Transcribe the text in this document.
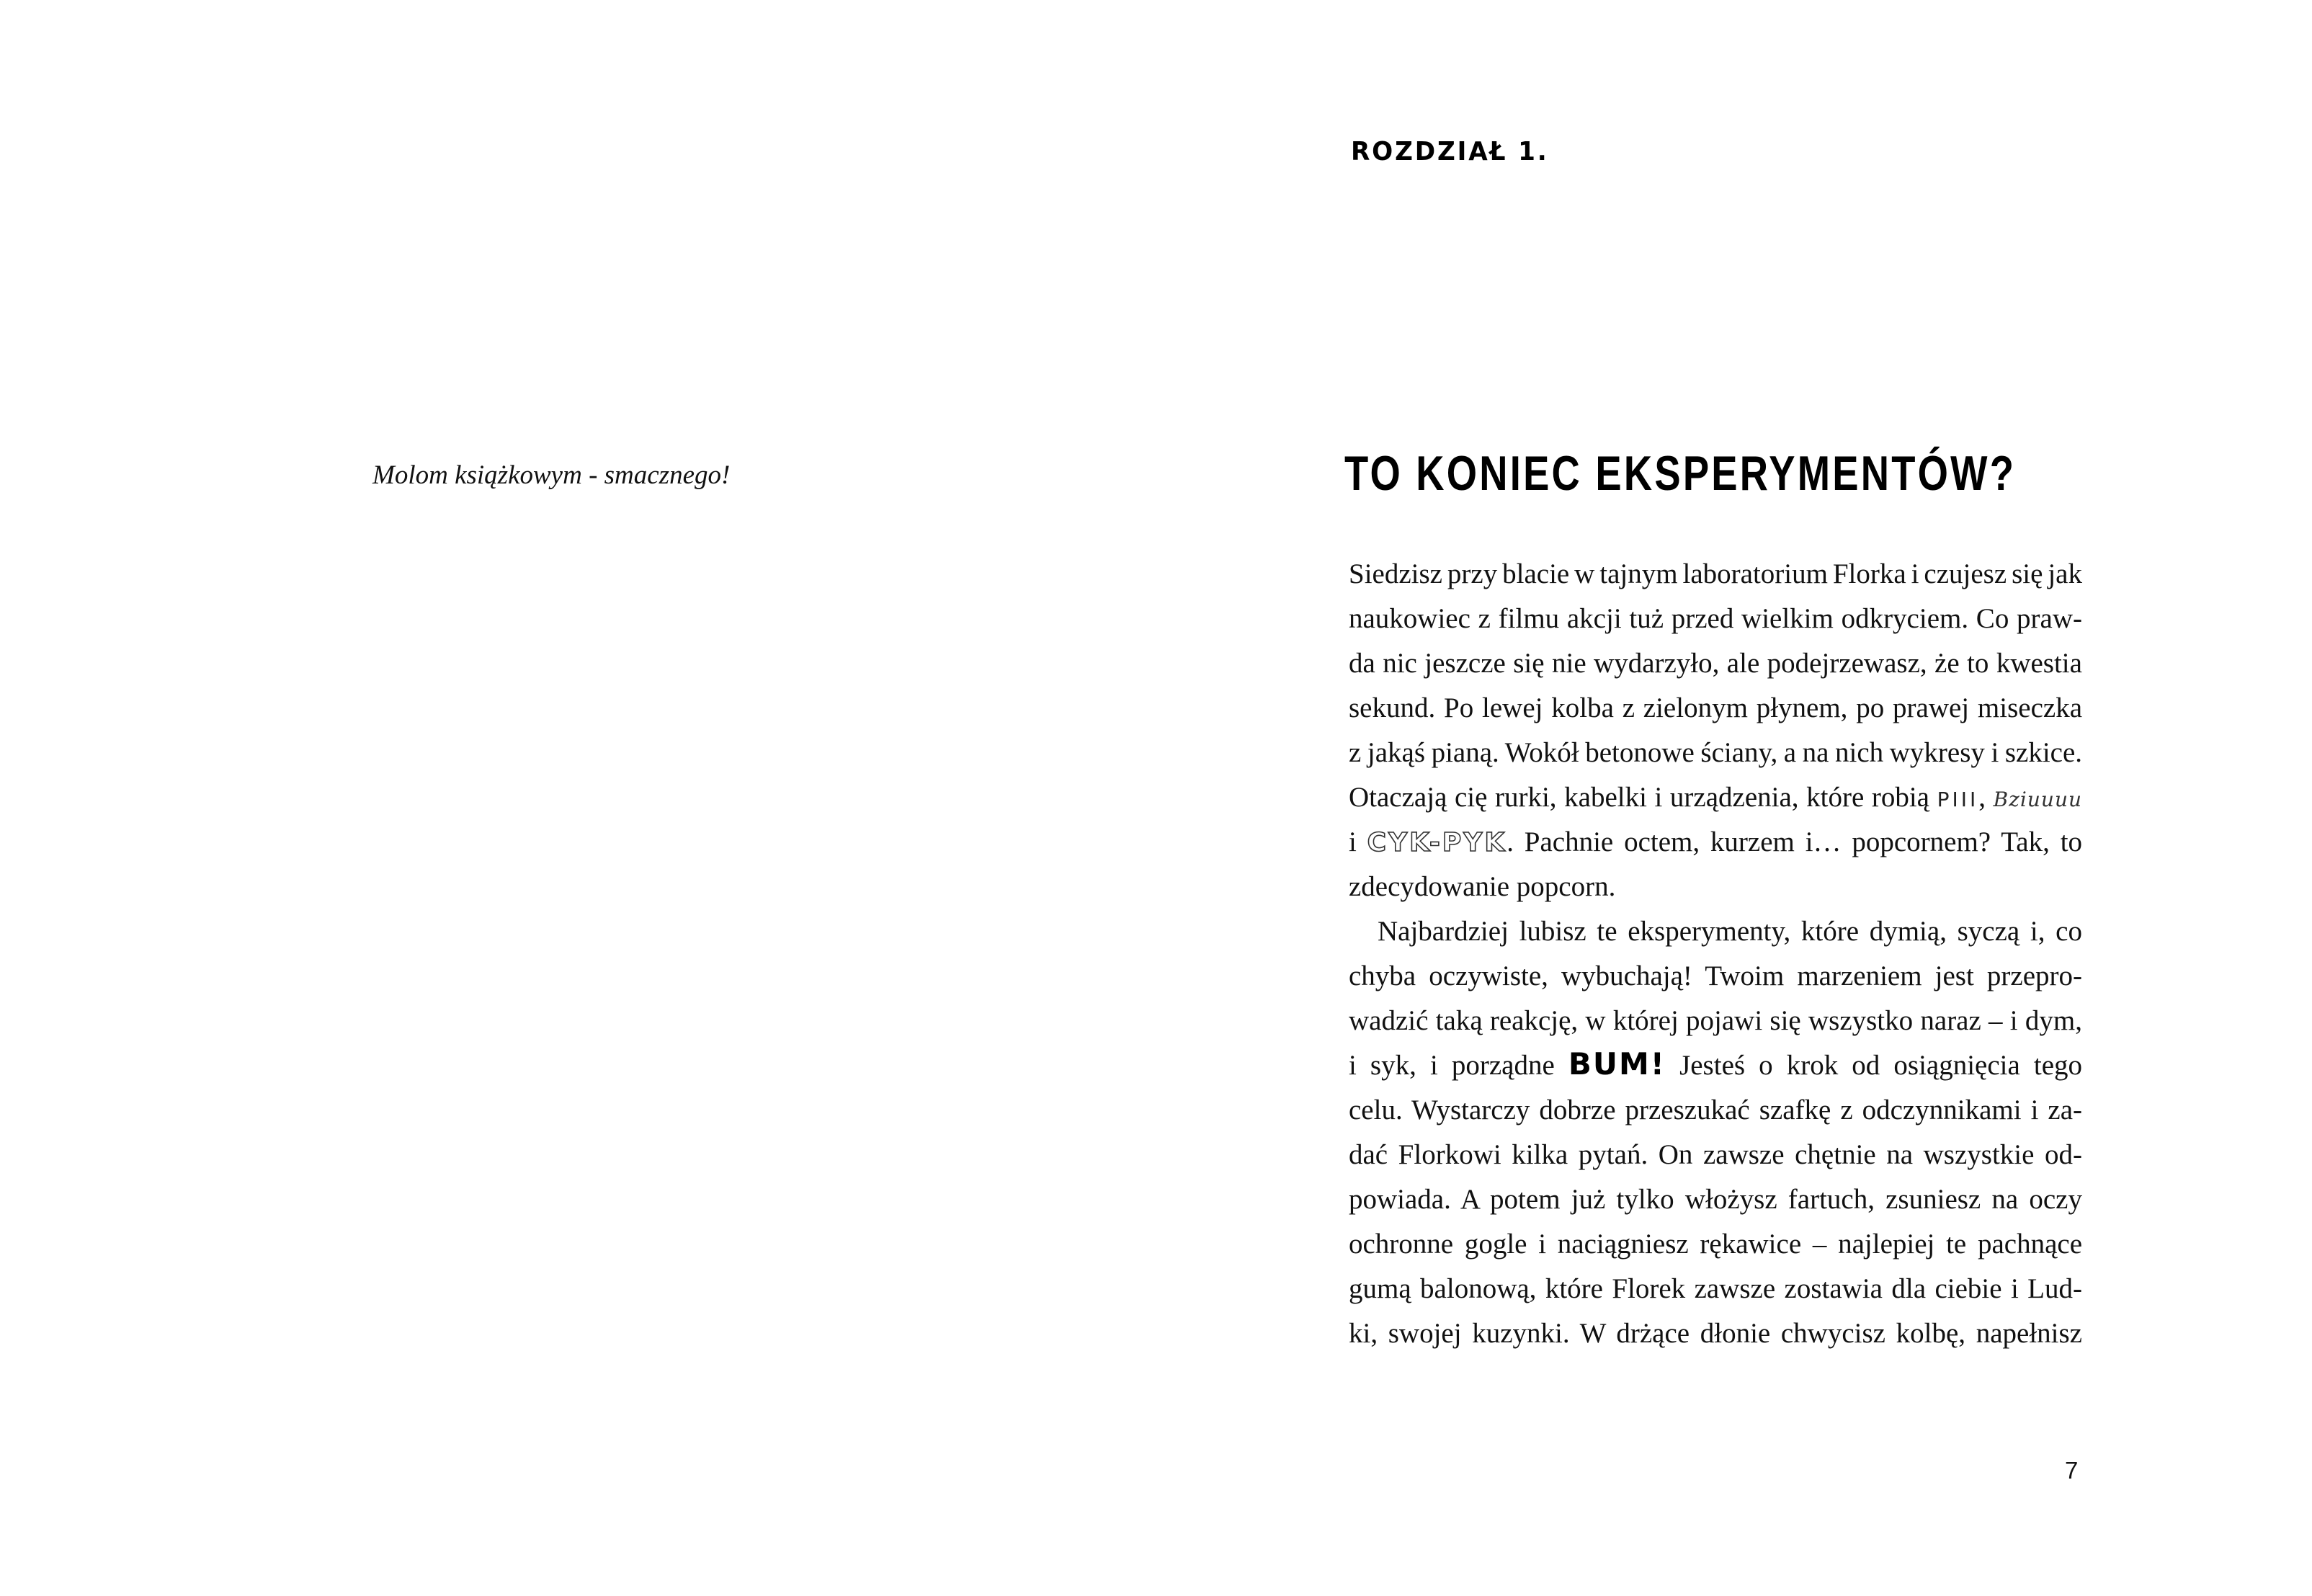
Molom książkowym - smacznego!
ROZDZIAŁ 1.
TO KONIEC EKSPERYMENTÓW?
Siedzisz przy blacie w tajnym laboratorium Florka i czujesz się jak
naukowiec z filmu akcji tuż przed wielkim odkryciem. Co praw-
da nic jeszcze się nie wydarzyło, ale podejrzewasz, że to kwestia
sekund. Po lewej kolba z zielonym płynem, po prawej miseczka
z jakąś pianą. Wokół betonowe ściany, a na nich wykresy i szkice.
Otaczają cię rurki, kabelki i urządzenia, które robią PIII, Bziuuuu
i CYK-PYK. Pachnie octem, kurzem i… popcornem? Tak, to
zdecydowanie popcorn.
Najbardziej lubisz te eksperymenty, które dymią, syczą i, co
chyba oczywiste, wybuchają! Twoim marzeniem jest przepro-
wadzić taką reakcję, w której pojawi się wszystko naraz – i dym,
i syk, i porządne BUM! Jesteś o krok od osiągnięcia tego
celu. Wystarczy dobrze przeszukać szafkę z odczynnikami i za-
dać Florkowi kilka pytań. On zawsze chętnie na wszystkie od-
powiada. A potem już tylko włożysz fartuch, zsuniesz na oczy
ochronne gogle i naciągniesz rękawice – najlepiej te pachnące
gumą balonową, które Florek zawsze zostawia dla ciebie i Lud-
ki, swojej kuzynki. W drżące dłonie chwycisz kolbę, napełnisz
7
